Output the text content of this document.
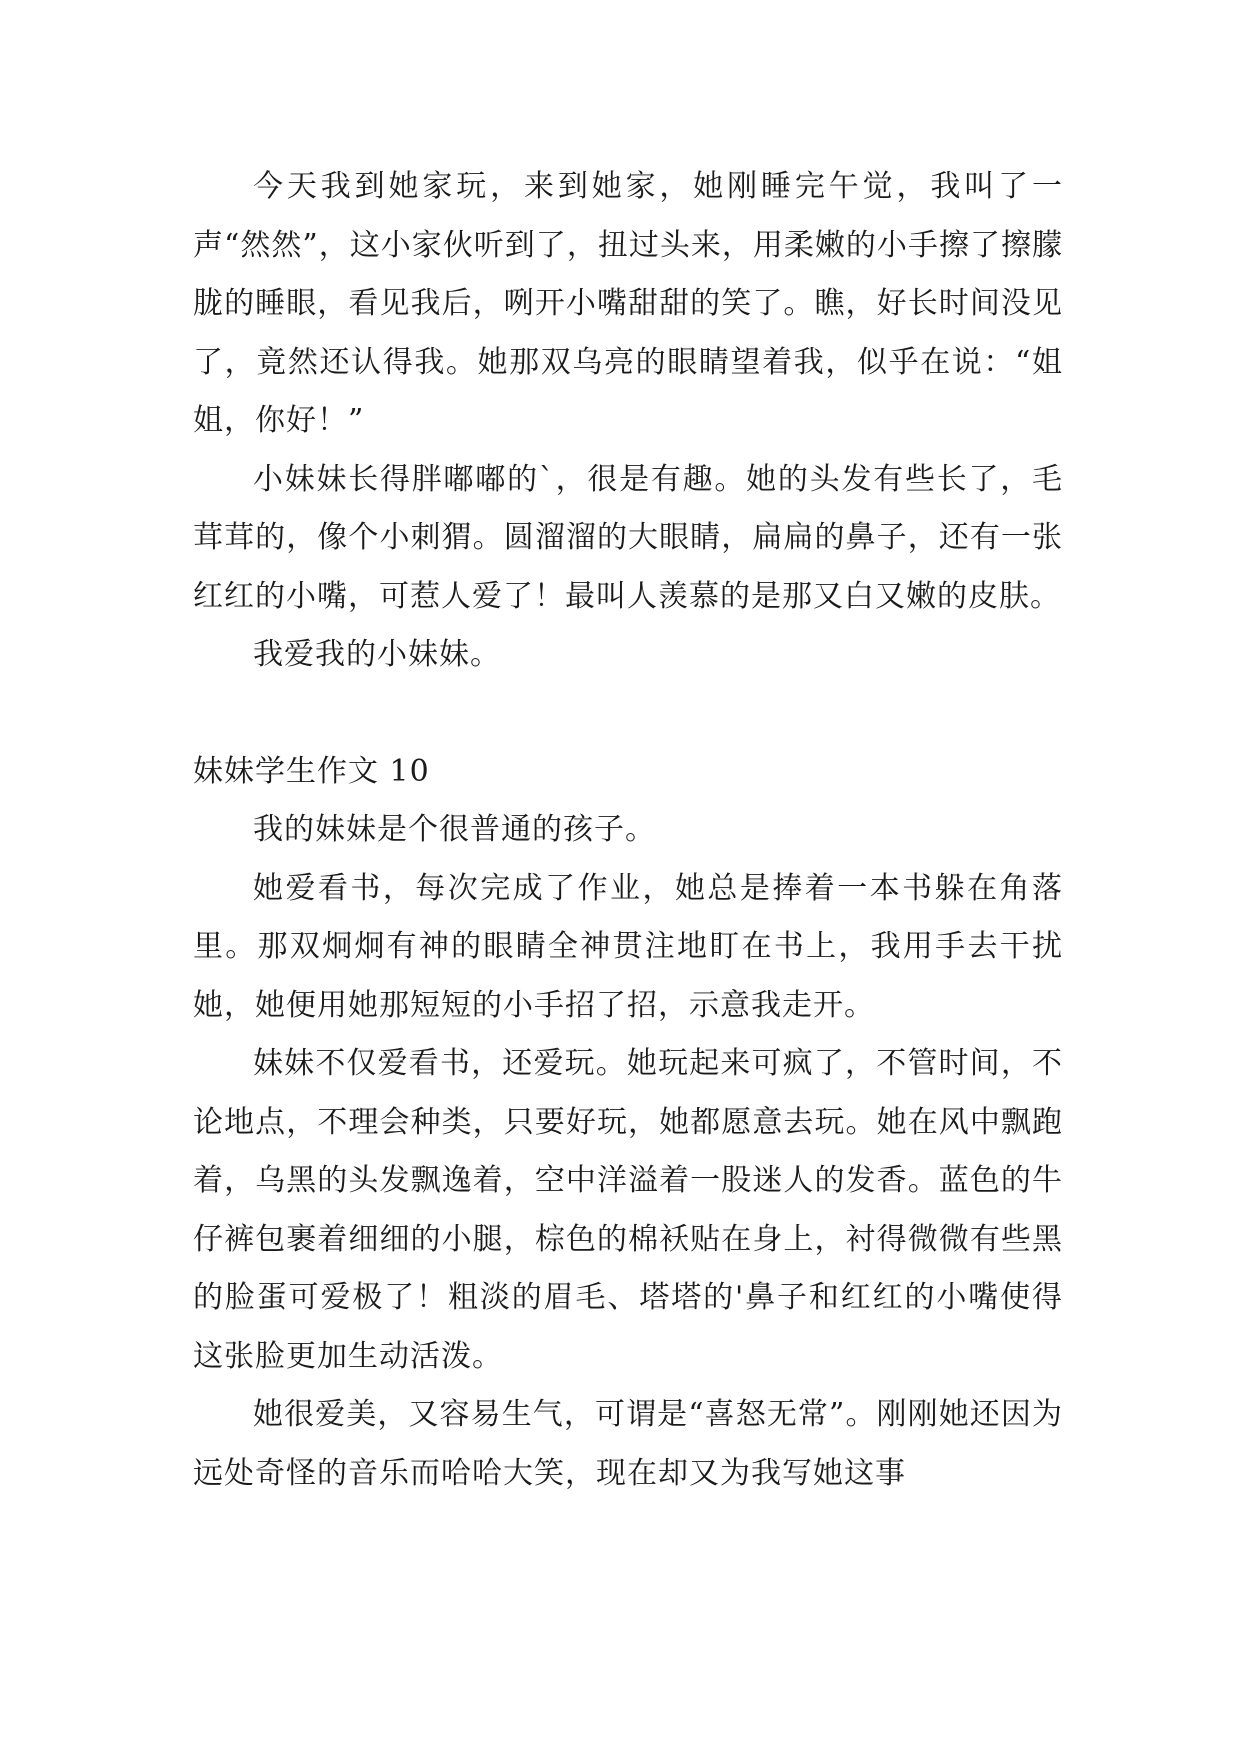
今天我到她家玩，来到她家，她刚睡完午觉，我叫了一声“然然”，这小家伙听到了，扭过头来，用柔嫩的小手擦了擦朦胧的睡眼，看见我后，咧开小嘴甜甜的笑了。瞧，好长时间没见了，竟然还认得我。她那双乌亮的眼睛望着我，似乎在说：“姐姐，你好！”

小妹妹长得胖嘟嘟的`，很是有趣。她的头发有些长了，毛茸茸的，像个小刺猬。圆溜溜的大眼睛，扁扁的鼻子，还有一张红红的小嘴，可惹人爱了！最叫人羡慕的是那又白又嫩的皮肤。

我爱我的小妹妹。

妹妹学生作文 10

我的妹妹是个很普通的孩子。

她爱看书，每次完成了作业，她总是捧着一本书躲在角落里。那双炯炯有神的眼睛全神贯注地盯在书上，我用手去干扰她，她便用她那短短的小手招了招，示意我走开。

妹妹不仅爱看书，还爱玩。她玩起来可疯了，不管时间，不论地点，不理会种类，只要好玩，她都愿意去玩。她在风中飘跑着，乌黑的头发飘逸着，空中洋溢着一股迷人的发香。蓝色的牛仔裤包裹着细细的小腿，棕色的棉袄贴在身上，衬得微微有些黑的脸蛋可爱极了！粗淡的眉毛、塔塔的'鼻子和红红的小嘴使得这张脸更加生动活泼。

她很爱美，又容易生气，可谓是“喜怒无常”。刚刚她还因为远处奇怪的音乐而哈哈大笑，现在却又为我写她这事
